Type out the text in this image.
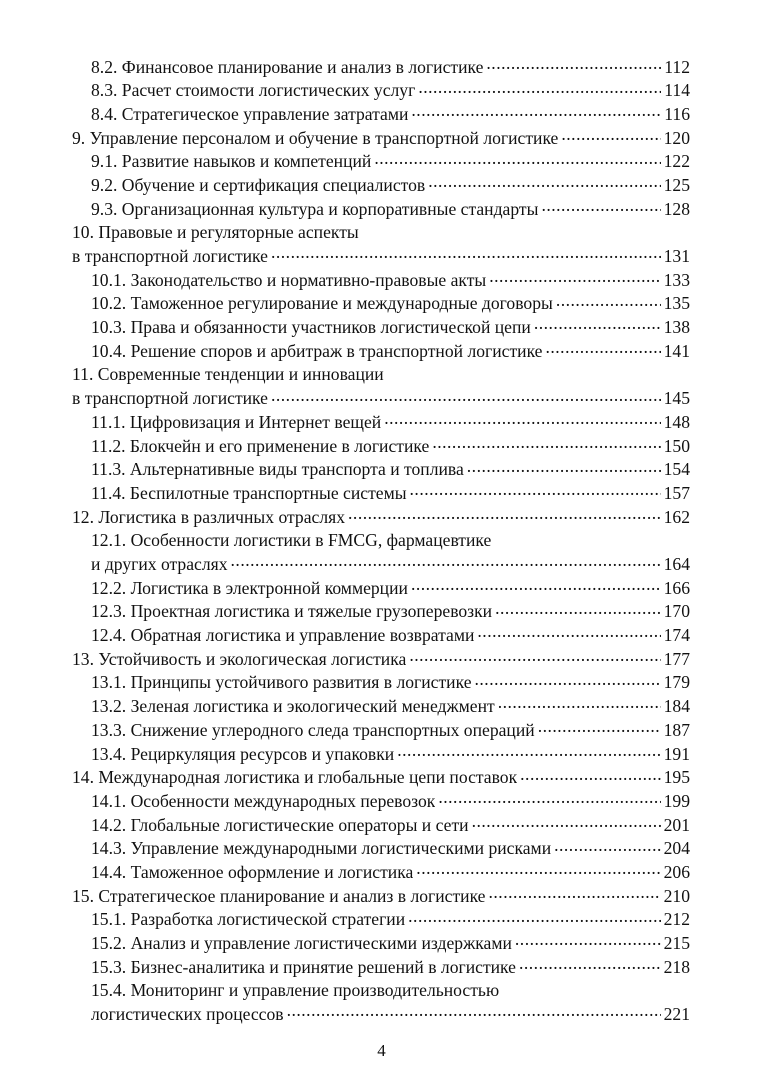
8.2. Финансовое планирование и анализ в логистике .....	112
8.3. Расчет стоимости логистических услуг .....	114
8.4. Стратегическое управление затратами .....	116
9. Управление персоналом и обучение в транспортной логистике .....	120
9.1. Развитие навыков и компетенций .....	122
9.2. Обучение и сертификация специалистов .....	125
9.3. Организационная культура и корпоративные стандарты .....	128
10. Правовые и регуляторные аспекты
в транспортной логистике .....	131
10.1. Законодательство и нормативно-правовые акты .....	133
10.2. Таможенное регулирование и международные договоры .....	135
10.3. Права и обязанности участников логистической цепи .....	138
10.4. Решение споров и арбитраж в транспортной логистике .....	141
11. Современные тенденции и инновации
в транспортной логистике .....	145
11.1. Цифровизация и Интернет вещей .....	148
11.2. Блокчейн и его применение в логистике .....	150
11.3. Альтернативные виды транспорта и топлива .....	154
11.4. Беспилотные транспортные системы .....	157
12. Логистика в различных отраслях .....	162
12.1. Особенности логистики в FMCG, фармацевтике
и других отраслях .....	164
12.2. Логистика в электронной коммерции .....	166
12.3. Проектная логистика и тяжелые грузоперевозки .....	170
12.4. Обратная логистика и управление возвратами .....	174
13. Устойчивость и экологическая логистика .....	177
13.1. Принципы устойчивого развития в логистике .....	179
13.2. Зеленая логистика и экологический менеджмент .....	184
13.3. Снижение углеродного следа транспортных операций .....	187
13.4. Рециркуляция ресурсов и упаковки .....	191
14. Международная логистика и глобальные цепи поставок .....	195
14.1. Особенности международных перевозок .....	199
14.2. Глобальные логистические операторы и сети .....	201
14.3. Управление международными логистическими рисками .....	204
14.4. Таможенное оформление и логистика .....	206
15. Стратегическое планирование и анализ в логистике .....	210
15.1. Разработка логистической стратегии .....	212
15.2. Анализ и управление логистическими издержками .....	215
15.3. Бизнес-аналитика и принятие решений в логистике .....	218
15.4. Мониторинг и управление производительностью
логистических процессов .....	221
4
